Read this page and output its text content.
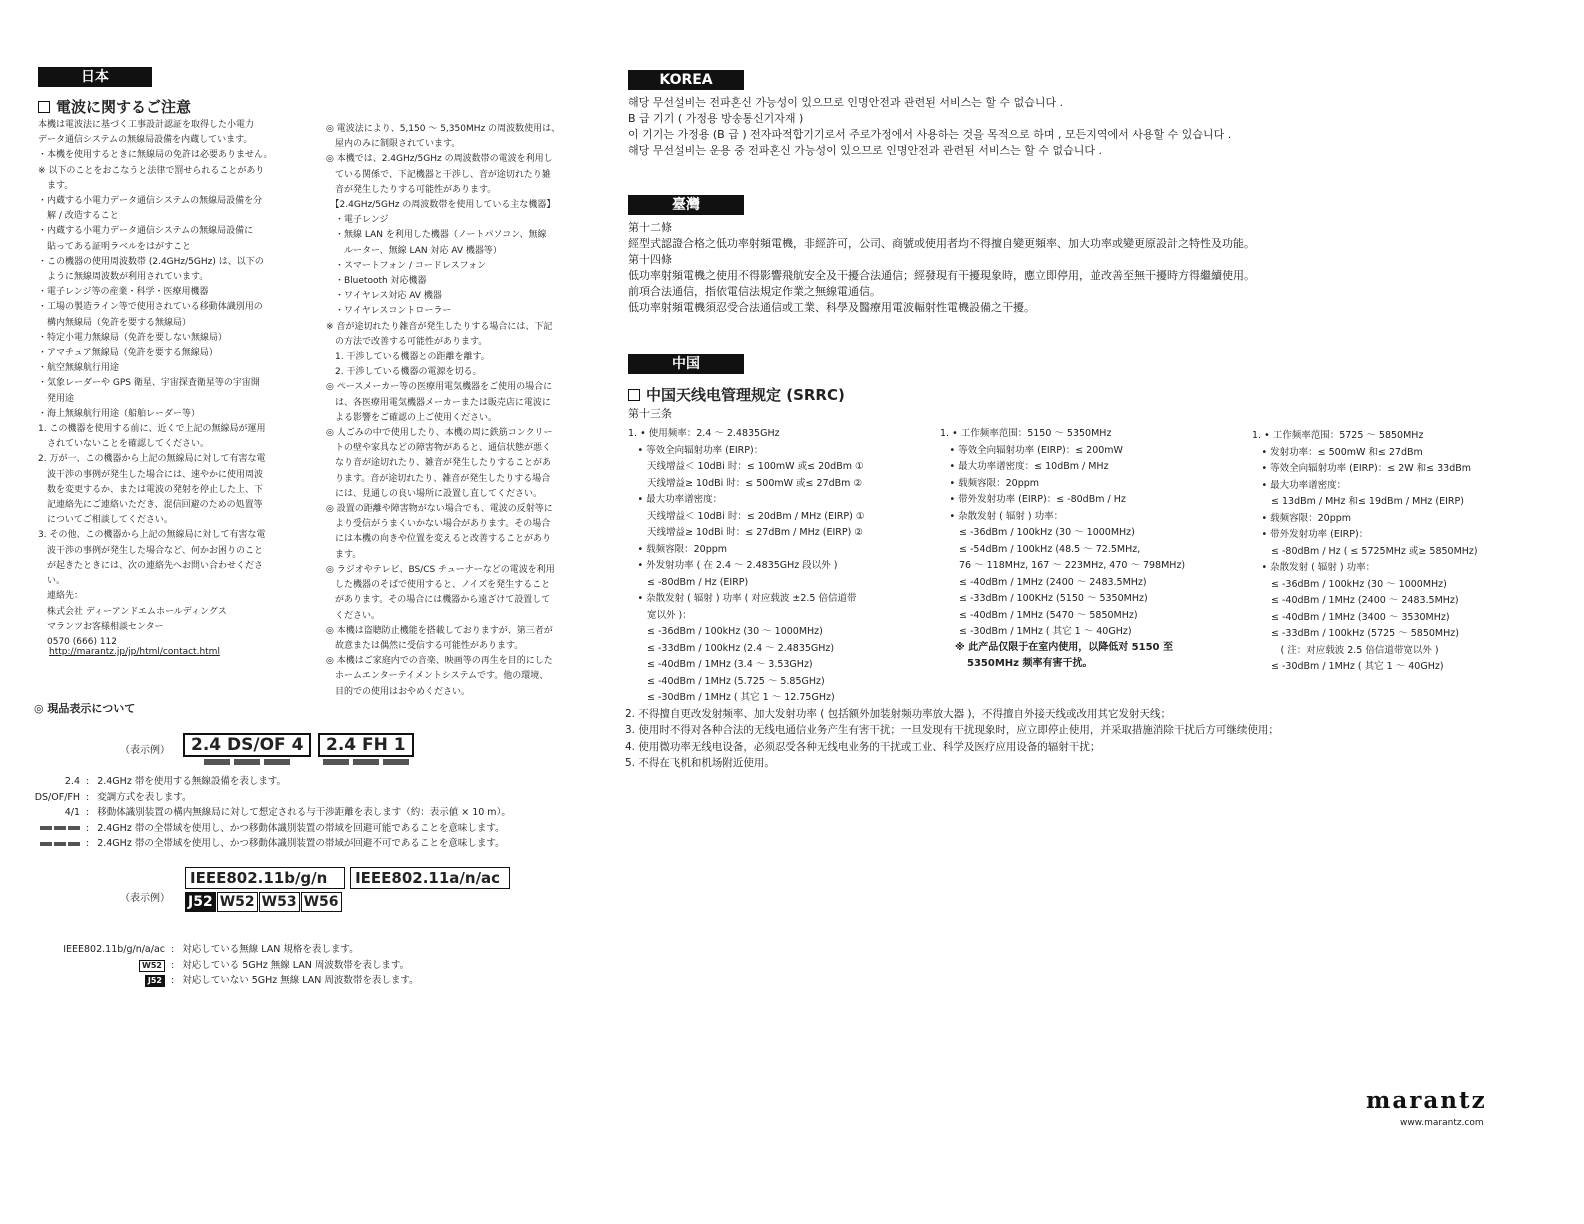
日本
電波に関するご注意
本機は電波法に基づく工事設計認証を取得した小電力
データ通信システムの無線局設備を内蔵しています。
・本機を使用するときに無線局の免許は必要ありません。
※ 以下のことをおこなうと法律で罰せられることがあり
　ます。
・内蔵する小電力データ通信システムの無線局設備を分
　解 / 改造すること
・内蔵する小電力データ通信システムの無線局設備に
　貼ってある証明ラベルをはがすこと
・この機器の使用周波数帯 (2.4GHz/5GHz) は、以下の
　ように無線周波数が利用されています。
・電子レンジ等の産業・科学・医療用機器
・工場の製造ライン等で使用されている移動体識別用の
　構内無線局（免許を要する無線局）
・特定小電力無線局（免許を要しない無線局）
・アマチュア無線局（免許を要する無線局）
・航空無線航行用途
・気象レーダーや GPS 衛星、宇宙探査衛星等の宇宙開
　発用途
・海上無線航行用途（船舶レーダー等）
1. この機器を使用する前に、近くで上記の無線局が運用
　されていないことを確認してください。
2. 万が一、この機器から上記の無線局に対して有害な電
　波干渉の事例が発生した場合には、速やかに使用周波
　数を変更するか、または電波の発射を停止した上、下
　記連絡先にご連絡いただき、混信回避のための処置等
　についてご相談してください。
3. その他、この機器から上記の無線局に対して有害な電
　波干渉の事例が発生した場合など、何かお困りのこと
　が起きたときには、次の連絡先へお問い合わせくださ
　い。
　連絡先：
　株式会社 ディーアンドエムホールディングス
　マランツお客様相談センター
　0570 (666) 112
http://marantz.jp/jp/html/contact.html
◎ 電波法により、5,150 ～ 5,350MHz の周波数使用は、
　屋内のみに制限されています。
◎ 本機では、2.4GHz/5GHz の周波数帯の電波を利用し
　ている関係で、下記機器と干渉し、音が途切れたり雑
　音が発生したりする可能性があります。
　【2.4GHz/5GHz の周波数帯を使用している主な機器】
　・電子レンジ
　・無線 LAN を利用した機器（ノートパソコン、無線
　　ルーター、無線 LAN 対応 AV 機器等）
　・スマートフォン / コードレスフォン
　・Bluetooth 対応機器
　・ワイヤレス対応 AV 機器
　・ワイヤレスコントローラー
※ 音が途切れたり雑音が発生したりする場合には、下記
　の方法で改善する可能性があります。
　1. 干渉している機器との距離を離す。
　2. 干渉している機器の電源を切る。
◎ ペースメーカー等の医療用電気機器をご使用の場合に
　は、各医療用電気機器メーカーまたは販売店に電波に
　よる影響をご確認の上ご使用ください。
◎ 人ごみの中で使用したり、本機の周に鉄筋コンクリー
　トの壁や家具などの障害物があると、通信状態が悪く
　なり音が途切れたり、雑音が発生したりすることがあ
　ります。音が途切れたり、雑音が発生したりする場合
　には、見通しの良い場所に設置し直してください。
◎ 設置の距離や障害物がない場合でも、電波の反射等に
　より受信がうまくいかない場合があります。その場合
　には本機の向きや位置を変えると改善することがあり
　ます。
◎ ラジオやテレビ、BS/CS チューナーなどの電波を利用
　した機器のそばで使用すると、ノイズを発生すること
　があります。その場合には機器から遠ざけて設置して
　ください。
◎ 本機は盗聴防止機能を搭載しておりますが、第三者が
　故意または偶然に受信する可能性があります。
◎ 本機はご家庭内での音楽、映画等の再生を目的にした
　ホームエンターテイメントシステムです。他の環境、
　目的での使用はおやめください。
◎ 現品表示について
（表示例）	2.4 DS/OF 4	2.4 FH 1
2.4 : 2.4GHz 帯を使用する無線設備を表します。
DS/OF/FH : 変調方式を表します。
4/1 : 移動体識別装置の構内無線局に対して想定される与干渉距離を表します（約：表示値 × 10 m）。
: 2.4GHz 帯の全帯域を使用し、かつ移動体識別装置の帯域を回避可能であることを意味します。
: 2.4GHz 帯の全帯域を使用し、かつ移動体識別装置の帯域が回避不可であることを意味します。
IEEE802.11b/g/n IEEE802.11a/n/ac
J52 W52 W53 W56
（表示例）
IEEE802.11b/g/n/a/ac : 対応している無線 LAN 規格を表します。
W52 : 対応している 5GHz 無線 LAN 周波数帯を表します。
J52 : 対応していない 5GHz 無線 LAN 周波数帯を表します。
KOREA
해당 무선설비는 전파혼신 가능성이 있으므로 인명안전과 관련된 서비스는 할 수 없습니다 .
B 급 기기 ( 가정용 방송통신기자재 )
이 기기는 가정용 (B 급 ) 전자파적합기기로서 주로가정에서 사용하는 것을 목적으로 하며 , 모든지역에서 사용할 수 있습니다 .
해당 무선설비는 운용 중 전파혼신 가능성이 있으므로 인명안전과 관련된 서비스는 할 수 없습니다 .
臺灣
第十二條
經型式認證合格之低功率射頻電機，非經許可，公司、商號或使用者均不得擅自變更頻率、加大功率或變更原設計之特性及功能。
第十四條
低功率射頻電機之使用不得影響飛航安全及干擾合法通信；經發現有干擾現象時，應立即停用，並改善至無干擾時方得繼續使用。
前項合法通信，指依電信法規定作業之無線電通信。
低功率射頻電機須忍受合法通信或工業、科學及醫療用電波輻射性電機設備之干擾。
中国
中国天线电管理规定 (SRRC)
第十三条
1. • 使用频率：2.4 ～ 2.4835GHz
　• 等效全向辐射功率 (EIRP)：
　　天线增益＜ 10dBi 时：≤ 100mW 或≤ 20dBm ①
　　天线增益≥ 10dBi 时：≤ 500mW 或≤ 27dBm ②
　• 最大功率谱密度：
　　天线增益＜ 10dBi 时：≤ 20dBm / MHz (EIRP) ①
　　天线增益≥ 10dBi 时：≤ 27dBm / MHz (EIRP) ②
　• 载频容限：20ppm
　• 外发射功率 ( 在 2.4 ～ 2.4835GHz 段以外 )
　　≤ -80dBm / Hz (EIRP)
　• 杂散发射 ( 辐射 ) 功率 ( 对应载波 ±2.5 倍信道带
　　宽以外 )：
　　≤ -36dBm / 100kHz (30 ～ 1000MHz)
　　≤ -33dBm / 100kHz (2.4 ～ 2.4835GHz)
　　≤ -40dBm / 1MHz (3.4 ～ 3.53GHz)
　　≤ -40dBm / 1MHz (5.725 ～ 5.85GHz)
　　≤ -30dBm / 1MHz ( 其它 1 ～ 12.75GHz)
1. • 工作频率范围：5150 ～ 5350MHz
　• 等效全向辐射功率 (EIRP)：≤ 200mW
　• 最大功率谱密度：≤ 10dBm / MHz
　• 载频容限：20ppm
　• 带外发射功率 (EIRP)：≤ -80dBm / Hz
　• 杂散发射 ( 辐射 ) 功率：
　　≤ -36dBm / 100kHz (30 ～ 1000MHz)
　　≤ -54dBm / 100kHz (48.5 ～ 72.5MHz,
　　76 ～ 118MHz, 167 ～ 223MHz, 470 ～ 798MHz)
　　≤ -40dBm / 1MHz (2400 ～ 2483.5MHz)
　　≤ -33dBm / 100KHz (5150 ～ 5350MHz)
　　≤ -40dBm / 1MHz (5470 ～ 5850MHz)
　　≤ -30dBm / 1MHz ( 其它 1 ～ 40GHz)
※ 此产品仅限于在室内使用，以降低对 5150 至
5350MHz 频率有害干扰。
1. • 工作频率范围：5725 ～ 5850MHz
　• 发射功率：≤ 500mW 和≤ 27dBm
　• 等效全向辐射功率 (EIRP)：≤ 2W 和≤ 33dBm
　• 最大功率谱密度：
　　≤ 13dBm / MHz 和≤ 19dBm / MHz (EIRP)
　• 载频容限：20ppm
　• 带外发射功率 (EIRP)：
　　≤ -80dBm / Hz ( ≤ 5725MHz 或≥ 5850MHz)
　• 杂散发射 ( 辐射 ) 功率：
　　≤ -36dBm / 100kHz (30 ～ 1000MHz)
　　≤ -40dBm / 1MHz (2400 ～ 2483.5MHz)
　　≤ -40dBm / 1MHz (3400 ～ 3530MHz)
　　≤ -33dBm / 100kHz (5725 ～ 5850MHz)
　　　( 注：对应载波 2.5 倍信道带宽以外 )
　　≤ -30dBm / 1MHz ( 其它 1 ～ 40GHz)
2. 不得擅自更改发射频率、加大发射功率 ( 包括额外加装射频功率放大器 )，不得擅自外接天线或改用其它发射天线；
3. 使用时不得对各种合法的无线电通信业务产生有害干扰；一旦发现有干扰现象时，应立即停止使用，并采取措施消除干扰后方可继续使用；
4. 使用微功率无线电设备，必须忍受各种无线电业务的干扰或工业、科学及医疗应用设备的辐射干扰；
5. 不得在飞机和机场附近使用。
marantz
www.marantz.com
